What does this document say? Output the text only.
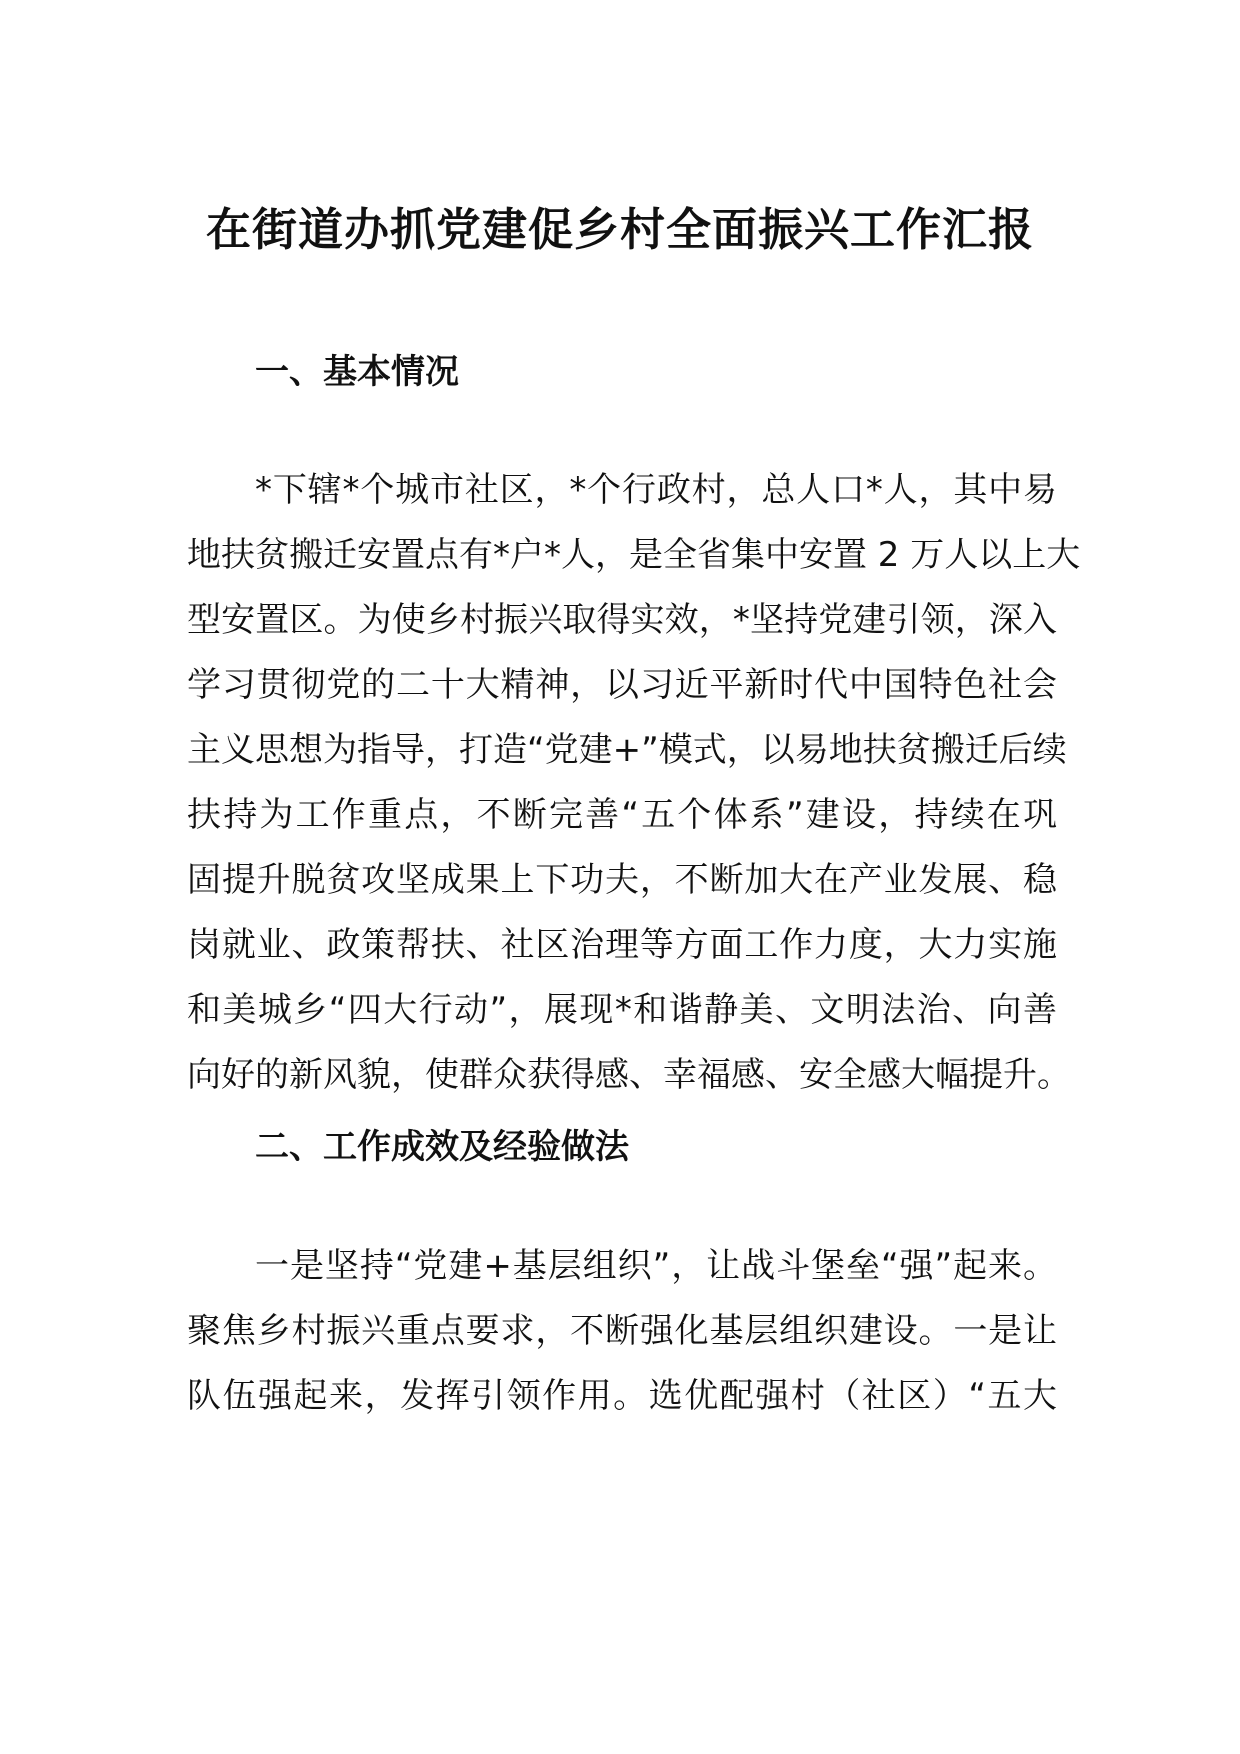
在街道办抓党建促乡村全面振兴工作汇报
一、基本情况
*下辖*个城市社区，*个行政村，总人口*人，其中易
地扶贫搬迁安置点有*户*人，是全省集中安置 2 万人以上大
型安置区。为使乡村振兴取得实效，*坚持党建引领，深入
学习贯彻党的二十大精神，以习近平新时代中国特色社会
主义思想为指导，打造“党建+”模式，以易地扶贫搬迁后续
扶持为工作重点，不断完善“五个体系”建设，持续在巩
固提升脱贫攻坚成果上下功夫，不断加大在产业发展、稳
岗就业、政策帮扶、社区治理等方面工作力度，大力实施
和美城乡“四大行动”，展现*和谐静美、文明法治、向善
向好的新风貌，使群众获得感、幸福感、安全感大幅提升。
二、工作成效及经验做法
一是坚持“党建+基层组织”，让战斗堡垒“强”起来。
聚焦乡村振兴重点要求，不断强化基层组织建设。一是让
队伍强起来，发挥引领作用。选优配强村（社区）“五大
